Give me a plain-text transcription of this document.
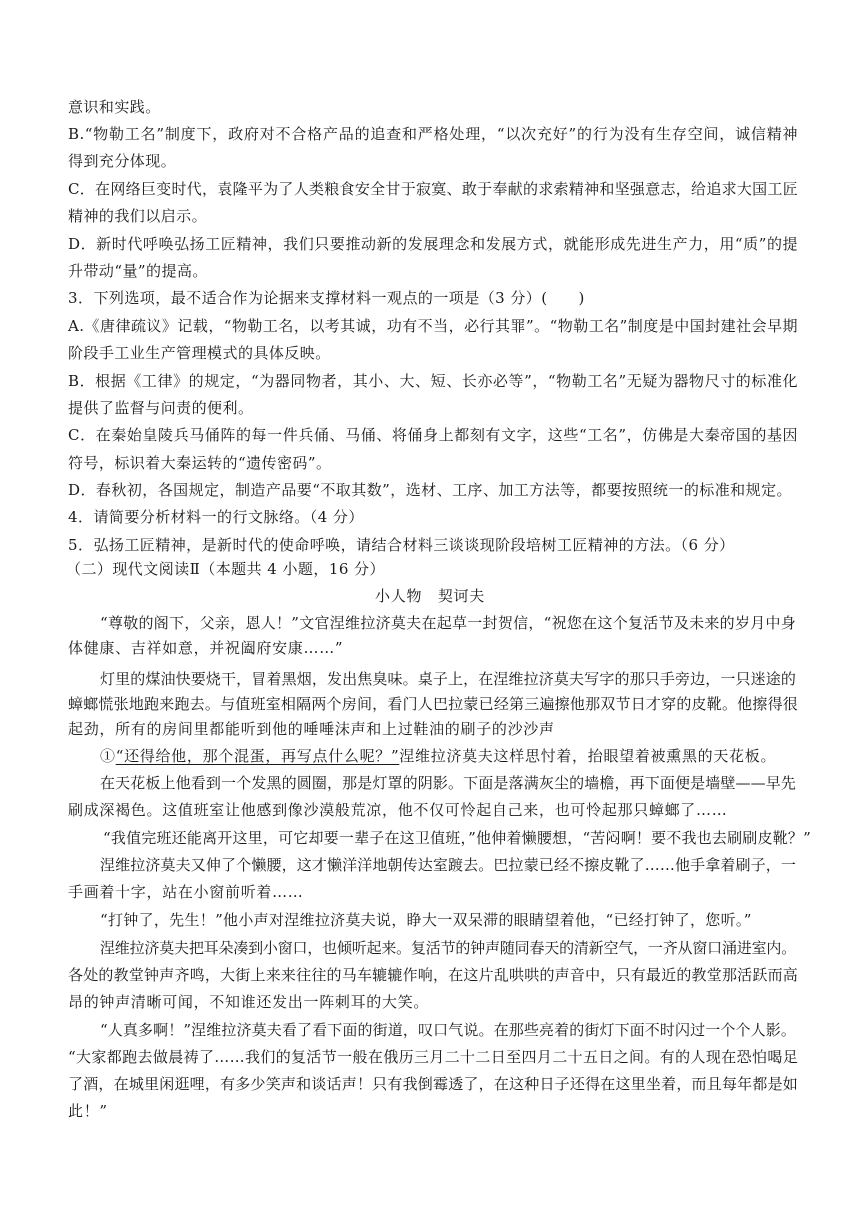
意识和实践。
B.“物勒工名”制度下，政府对不合格产品的追查和严格处理，“以次充好”的行为没有生存空间，诚信精神
得到充分体现。
C．在网络巨变时代，袁隆平为了人类粮食安全甘于寂寞、敢于奉献的求索精神和坚强意志，给追求大国工匠
精神的我们以启示。
D．新时代呼唤弘扬工匠精神，我们只要推动新的发展理念和发展方式，就能形成先进生产力，用“质”的提
升带动“量”的提高。
3．下列选项，最不适合作为论据来支撑材料一观点的一项是（3 分）(　　)
A.《唐律疏议》记载，“物勒工名，以考其诚，功有不当，必行其罪”。“物勒工名”制度是中国封建社会早期
阶段手工业生产管理模式的具体反映。
B．根据《工律》的规定，“为器同物者，其小、大、短、长亦必等”，“物勒工名”无疑为器物尺寸的标准化
提供了监督与问责的便利。
C．在秦始皇陵兵马俑阵的每一件兵俑、马俑、将俑身上都刻有文字，这些“工名”，仿佛是大秦帝国的基因
符号，标识着大秦运转的“遗传密码”。
D．春秋初，各国规定，制造产品要“不取其数”，选材、工序、加工方法等，都要按照统一的标准和规定。
4．请简要分析材料一的行文脉络。（4 分）
5．弘扬工匠精神，是新时代的使命呼唤，请结合材料三谈谈现阶段培树工匠精神的方法。（6 分）
（二）现代文阅读Ⅱ（本题共 4 小题，16 分）
小人物　契诃夫
“尊敬的阁下，父亲，恩人！”文官涅维拉济莫夫在起草一封贺信，“祝您在这个复活节及未来的岁月中身
体健康、吉祥如意，并祝阖府安康……”
灯里的煤油快要烧干，冒着黑烟，发出焦臭味。桌子上，在涅维拉济莫夫写字的那只手旁边，一只迷途的
蟑螂慌张地跑来跑去。与值班室相隔两个房间，看门人巴拉蒙已经第三遍擦他那双节日才穿的皮靴。他擦得很
起劲，所有的房间里都能听到他的唾唾沫声和上过鞋油的刷子的沙沙声
①“还得给他，那个混蛋，再写点什么呢？”涅维拉济莫夫这样思忖着，抬眼望着被熏黑的天花板。
在天花板上他看到一个发黑的圆圈，那是灯罩的阴影。下面是落满灰尘的墙檐，再下面便是墙壁——早先
刷成深褐色。这值班室让他感到像沙漠般荒凉，他不仅可怜起自己来，也可怜起那只蟑螂了……
“我值完班还能离开这里，可它却要一辈子在这卫值班，”他伸着懒腰想，“苦闷啊！要不我也去刷刷皮靴？”
涅维拉济莫夫又伸了个懒腰，这才懒洋洋地朝传达室踱去。巴拉蒙已经不擦皮靴了……他手拿着刷子，一
手画着十字，站在小窗前听着……
“打钟了，先生！”他小声对涅维拉济莫夫说，睁大一双呆滞的眼睛望着他，“已经打钟了，您听。”
涅维拉济莫夫把耳朵凑到小窗口，也倾听起来。复活节的钟声随同春天的清新空气，一齐从窗口涌进室内。
各处的教堂钟声齐鸣，大街上来来往往的马车辘辘作响，在这片乱哄哄的声音中，只有最近的教堂那活跃而高
昂的钟声清晰可闻，不知谁还发出一阵刺耳的大笑。
“人真多啊！”涅维拉济莫夫看了看下面的街道，叹口气说。在那些亮着的街灯下面不时闪过一个个人影。
“大家都跑去做晨祷了……我们的复活节一般在俄历三月二十二日至四月二十五日之间。有的人现在恐怕喝足
了酒，在城里闲逛哩，有多少笑声和谈话声！只有我倒霉透了，在这种日子还得在这里坐着，而且每年都是如
此！”
